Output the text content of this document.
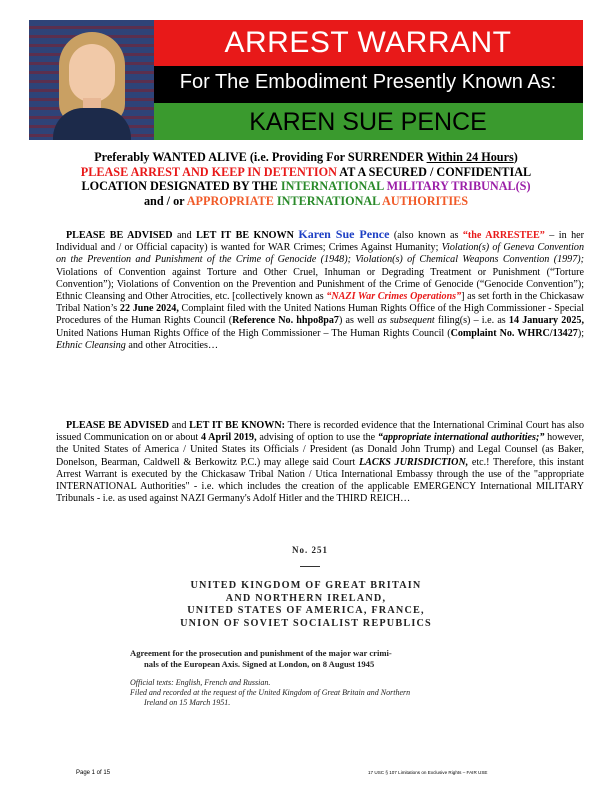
ARREST WARRANT
For The Embodiment Presently Known As:
KAREN SUE PENCE
Preferably WANTED ALIVE (i.e. Providing For SURRENDER Within 24 Hours)
PLEASE ARREST AND KEEP IN DETENTION AT A SECURED / CONFIDENTIAL
LOCATION DESIGNATED BY THE INTERNATIONAL MILITARY TRIBUNAL(S)
and / or APPROPRIATE INTERNATIONAL AUTHORITIES
PLEASE BE ADVISED and LET IT BE KNOWN Karen Sue Pence (also known as “the ARRESTEE” – in her Individual and / or Official capacity) is wanted for WAR Crimes; Crimes Against Humanity; Violation(s) of Geneva Convention on the Prevention and Punishment of the Crime of Genocide (1948); Violation(s) of Chemical Weapons Convention (1997); Violations of Convention against Torture and Other Cruel, Inhuman or Degrading Treatment or Punishment (“Torture Convention”); Violations of Convention on the Prevention and Punishment of the Crime of Genocide (“Genocide Convention”); Ethnic Cleansing and Other Atrocities, etc. [collectively known as “NAZI War Crimes Operations”] as set forth in the Chickasaw Tribal Nation’s 22 June 2024, Complaint filed with the United Nations Human Rights Office of the High Commissioner - Special Procedures of the Human Rights Council (Reference No. hhpo8pa7) as well as subsequent filing(s) – i.e. as 14 January 2025, United Nations Human Rights Office of the High Commissioner – The Human Rights Council (Complaint No. WHRC/13427); Ethnic Cleansing and other Atrocities…
PLEASE BE ADVISED and LET IT BE KNOWN: There is recorded evidence that the International Criminal Court has also issued Communication on or about 4 April 2019, advising of option to use the “appropriate international authorities;” however, the United States of America / United States its Officials / President (as Donald John Trump) and Legal Counsel (as Baker, Donelson, Bearman, Caldwell & Berkowitz P.C.) may allege said Court LACKS JURISDICTION, etc.! Therefore, this instant Arrest Warrant is executed by the Chickasaw Tribal Nation / Utica International Embassy through the use of the "appropriate INTERNATIONAL Authorities" - i.e. which includes the creation of the applicable EMERGENCY International MILITARY Tribunals - i.e. as used against NAZI Germany's Adolf Hitler and the THIRD REICH…
No. 251
UNITED KINGDOM OF GREAT BRITAIN
AND NORTHERN IRELAND,
UNITED STATES OF AMERICA, FRANCE,
UNION OF SOVIET SOCIALIST REPUBLICS
Agreement for the prosecution and punishment of the major war crimi-
nals of the European Axis. Signed at London, on 8 August 1945
Official texts: English, French and Russian.
Filed and recorded at the request of the United Kingdom of Great Britain and Northern
Ireland on 15 March 1951.
Page 1 of 15	17 USC § 107 Limitations on Exclusive Rights – FAIR USE
